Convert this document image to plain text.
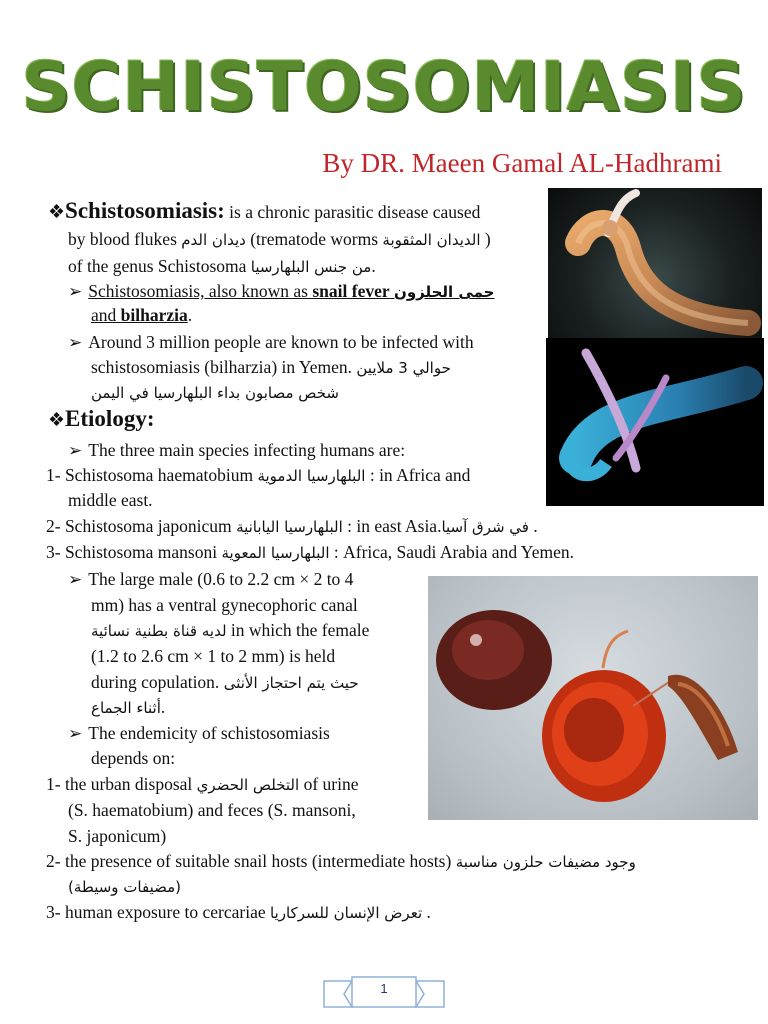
SCHISTOSOMIASIS
By DR. Maeen Gamal AL-Hadhrami
❖Schistosomiasis: is a chronic parasitic disease caused
by blood flukes ديدان الدم (trematode worms الديدان المثقوبة )
of the genus Schistosoma من جنس البلهارسيا.
➢ Schistosomiasis, also known as snail fever حمى الحلزون
and bilharzia.
➢ Around 3 million people are known to be infected with
schistosomiasis (bilharzia) in Yemen. حوالي 3 ملايين
شخص مصابون بداء البلهارسيا في اليمن
❖Etiology:
➢ The three main species infecting humans are:
1- Schistosoma haematobium البلهارسيا الدموية : in Africa and
middle east.
2- Schistosoma japonicum البلهارسيا اليابانية : in east Asia.في شرق آسيا .
3- Schistosoma mansoni البلهارسيا المعوية : Africa, Saudi Arabia and Yemen.
➢ The large male (0.6 to 2.2 cm × 2 to 4
mm) has a ventral gynecophoric canal
لديه قناة بطنية نسائية in which the female
(1.2 to 2.6 cm × 1 to 2 mm) is held
during copulation. حيث يتم احتجاز الأنثى
أثناء الجماع.
➢ The endemicity of schistosomiasis
depends on:
1- the urban disposal التخلص الحضري of urine
(S. haematobium) and feces (S. mansoni,
S. japonicum)
2- the presence of suitable snail hosts (intermediate hosts) وجود مضيفات حلزون مناسبة
(مضيفات وسيطة)
3- human exposure to cercariae تعرض الإنسان للسركاريا .
1
